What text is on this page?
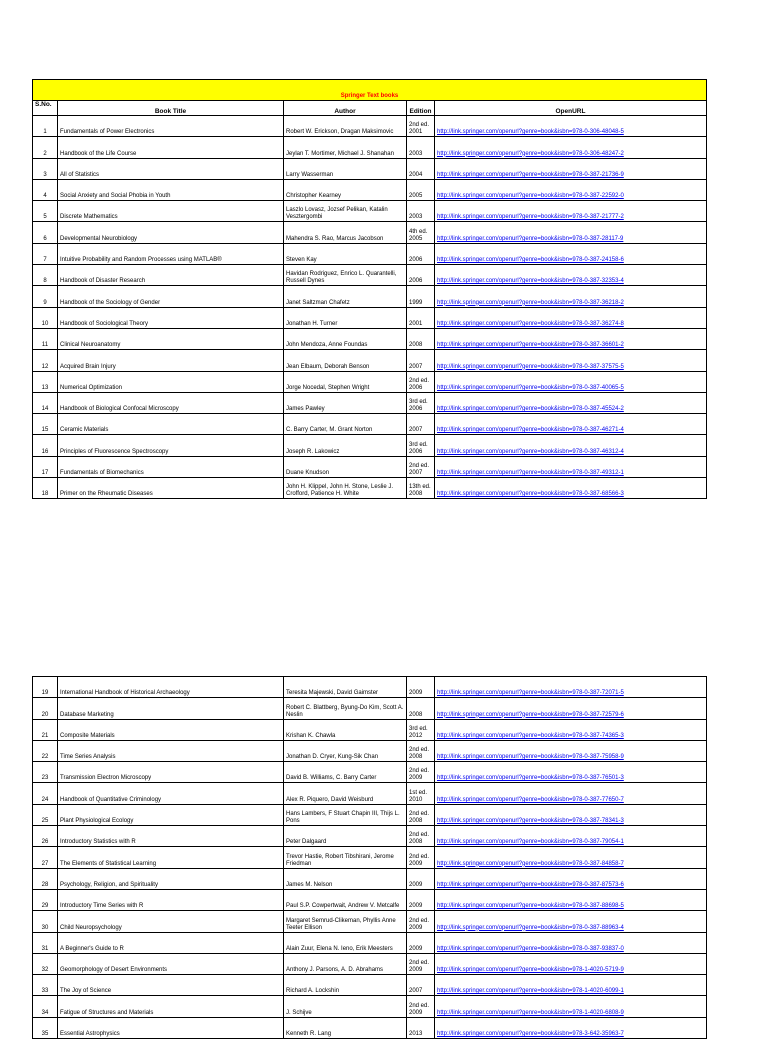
Springer Text books				
S.No.	Book Title	Author	Edition	OpenURL
1	Fundamentals of Power Electronics	Robert W. Erickson, Dragan Maksimovic	2nd ed. 2001	http://link.springer.com/openurl?genre=book&isbn=978-0-306-48048-5
2	Handbook of the Life Course	Jeylan T. Mortimer, Michael J. Shanahan	2003	http://link.springer.com/openurl?genre=book&isbn=978-0-306-48247-2
3	All of Statistics	Larry Wasserman	2004	http://link.springer.com/openurl?genre=book&isbn=978-0-387-21736-9
4	Social Anxiety and Social Phobia in Youth	Christopher Kearney	2005	http://link.springer.com/openurl?genre=book&isbn=978-0-387-22592-0
5	Discrete Mathematics	Laszlo Lovasz, Jozsef Pelikan, Katalin Vesztergombi	2003	http://link.springer.com/openurl?genre=book&isbn=978-0-387-21777-2
6	Developmental Neurobiology	Mahendra S. Rao, Marcus Jacobson	4th ed. 2005	http://link.springer.com/openurl?genre=book&isbn=978-0-387-28117-9
7	Intuitive Probability and Random Processes using MATLAB®	Steven Kay	2006	http://link.springer.com/openurl?genre=book&isbn=978-0-387-24158-6
8	Handbook of Disaster Research	Havidan Rodriguez, Enrico L. Quarantelli, Russell Dynes	2006	http://link.springer.com/openurl?genre=book&isbn=978-0-387-32353-4
9	Handbook of the Sociology of Gender	Janet Saltzman Chafetz	1999	http://link.springer.com/openurl?genre=book&isbn=978-0-387-36218-2
10	Handbook of Sociological Theory	Jonathan H. Turner	2001	http://link.springer.com/openurl?genre=book&isbn=978-0-387-36274-8
11	Clinical Neuroanatomy	John Mendoza, Anne Foundas	2008	http://link.springer.com/openurl?genre=book&isbn=978-0-387-36601-2
12	Acquired Brain Injury	Jean Elbaum, Deborah Benson	2007	http://link.springer.com/openurl?genre=book&isbn=978-0-387-37575-5
13	Numerical Optimization	Jorge Nocedal, Stephen Wright	2nd ed. 2006	http://link.springer.com/openurl?genre=book&isbn=978-0-387-40065-5
14	Handbook of Biological Confocal Microscopy	James Pawley	3rd ed. 2006	http://link.springer.com/openurl?genre=book&isbn=978-0-387-45524-2
15	Ceramic Materials	C. Barry Carter, M. Grant Norton	2007	http://link.springer.com/openurl?genre=book&isbn=978-0-387-46271-4
16	Principles of Fluorescence Spectroscopy	Joseph R. Lakowicz	3rd ed. 2006	http://link.springer.com/openurl?genre=book&isbn=978-0-387-46312-4
17	Fundamentals of Biomechanics	Duane Knudson	2nd ed. 2007	http://link.springer.com/openurl?genre=book&isbn=978-0-387-49312-1
18	Primer on the Rheumatic Diseases	John H. Klippel, John H. Stone, Leslie J. Crofford, Patience H. White	13th ed. 2008	http://link.springer.com/openurl?genre=book&isbn=978-0-387-68566-3
19	International Handbook of Historical Archaeology	Teresita Majewski, David Gaimster	2009	http://link.springer.com/openurl?genre=book&isbn=978-0-387-72071-5
20	Database Marketing	Robert C. Blattberg, Byung-Do Kim, Scott A. Neslin	2008	http://link.springer.com/openurl?genre=book&isbn=978-0-387-72579-6
21	Composite Materials	Krishan K. Chawla	3rd ed. 2012	http://link.springer.com/openurl?genre=book&isbn=978-0-387-74365-3
22	Time Series Analysis	Jonathan D. Cryer, Kung-Sik Chan	2nd ed. 2008	http://link.springer.com/openurl?genre=book&isbn=978-0-387-75958-9
23	Transmission Electron Microscopy	David B. Williams, C. Barry Carter	2nd ed. 2009	http://link.springer.com/openurl?genre=book&isbn=978-0-387-76501-3
24	Handbook of Quantitative Criminology	Alex R. Piquero, David Weisburd	1st ed. 2010	http://link.springer.com/openurl?genre=book&isbn=978-0-387-77650-7
25	Plant Physiological Ecology	Hans Lambers, F Stuart Chapin III, Thijs L. Pons	2nd ed. 2008	http://link.springer.com/openurl?genre=book&isbn=978-0-387-78341-3
26	Introductory Statistics with R	Peter Dalgaard	2nd ed. 2008	http://link.springer.com/openurl?genre=book&isbn=978-0-387-79054-1
27	The Elements of Statistical Learning	Trevor Hastie, Robert Tibshirani, Jerome Friedman	2nd ed. 2009	http://link.springer.com/openurl?genre=book&isbn=978-0-387-84858-7
28	Psychology, Religion, and Spirituality	James M. Nelson	2009	http://link.springer.com/openurl?genre=book&isbn=978-0-387-87573-6
29	Introductory Time Series with R	Paul S.P. Cowpertwait, Andrew V. Metcalfe	2009	http://link.springer.com/openurl?genre=book&isbn=978-0-387-88698-5
30	Child Neuropsychology	Margaret Semrud-Clikeman, Phyllis Anne Teeter Ellison	2nd ed. 2009	http://link.springer.com/openurl?genre=book&isbn=978-0-387-88963-4
31	A Beginner's Guide to R	Alain Zuur, Elena N. Ieno, Erik Meesters	2009	http://link.springer.com/openurl?genre=book&isbn=978-0-387-93837-0
32	Geomorphology of Desert Environments	Anthony J. Parsons, A. D. Abrahams	2nd ed. 2009	http://link.springer.com/openurl?genre=book&isbn=978-1-4020-5719-9
33	The Joy of Science	Richard A. Lockshin	2007	http://link.springer.com/openurl?genre=book&isbn=978-1-4020-6099-1
34	Fatigue of Structures and Materials	J. Schijve	2nd ed. 2009	http://link.springer.com/openurl?genre=book&isbn=978-1-4020-6808-9
35	Essential Astrophysics	Kenneth R. Lang	2013	http://link.springer.com/openurl?genre=book&isbn=978-3-642-35963-7
